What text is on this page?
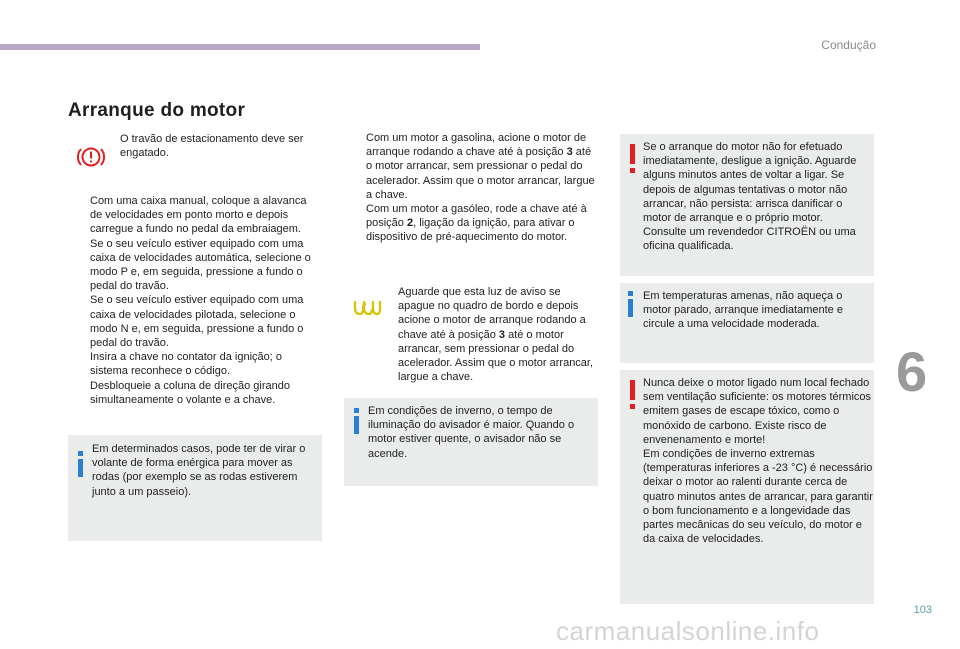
Condução
6
103
Arranque do motor
O travão de estacionamento deve ser engatado.
Com uma caixa manual, coloque a alavanca de velocidades em ponto morto e depois carregue a fundo no pedal da embraiagem.
Se o seu veículo estiver equipado com uma caixa de velocidades automática, selecione o modo P e, em seguida, pressione a fundo o pedal do travão.
Se o seu veículo estiver equipado com uma caixa de velocidades pilotada, selecione o modo N e, em seguida, pressione a fundo o pedal do travão.
Insira a chave no contator da ignição; o sistema reconhece o código.
Desbloqueie a coluna de direção girando simultaneamente o volante e a chave.
Em determinados casos, pode ter de virar o volante de forma enérgica para mover as rodas (por exemplo se as rodas estiverem junto a um passeio).
Com um motor a gasolina, acione o motor de arranque rodando a chave até à posição 3 até o motor arrancar, sem pressionar o pedal do acelerador. Assim que o motor arrancar, largue a chave.
Com um motor a gasóleo, rode a chave até à posição 2, ligação da ignição, para ativar o dispositivo de pré-aquecimento do motor.
Aguarde que esta luz de aviso se apague no quadro de bordo e depois acione o motor de arranque rodando a chave até à posição 3 até o motor arrancar, sem pressionar o pedal do acelerador. Assim que o motor arrancar, largue a chave.
Em condições de inverno, o tempo de iluminação do avisador é maior. Quando o motor estiver quente, o avisador não se acende.
Se o arranque do motor não for efetuado imediatamente, desligue a ignição. Aguarde alguns minutos antes de voltar a ligar. Se depois de algumas tentativas o motor não arrancar, não persista: arrisca danificar o motor de arranque e o próprio motor. Consulte um revendedor CITROËN ou uma oficina qualificada.
Em temperaturas amenas, não aqueça o motor parado, arranque imediatamente e circule a uma velocidade moderada.
Nunca deixe o motor ligado num local fechado sem ventilação suficiente: os motores térmicos emitem gases de escape tóxico, como o monóxido de carbono. Existe risco de envenenamento e morte!
Em condições de inverno extremas (temperaturas inferiores a -23 °C) é necessário deixar o motor ao ralenti durante cerca de quatro minutos antes de arrancar, para garantir o bom funcionamento e a longevidade das partes mecânicas do seu veículo, do motor e da caixa de velocidades.
carmanualsonline.info
